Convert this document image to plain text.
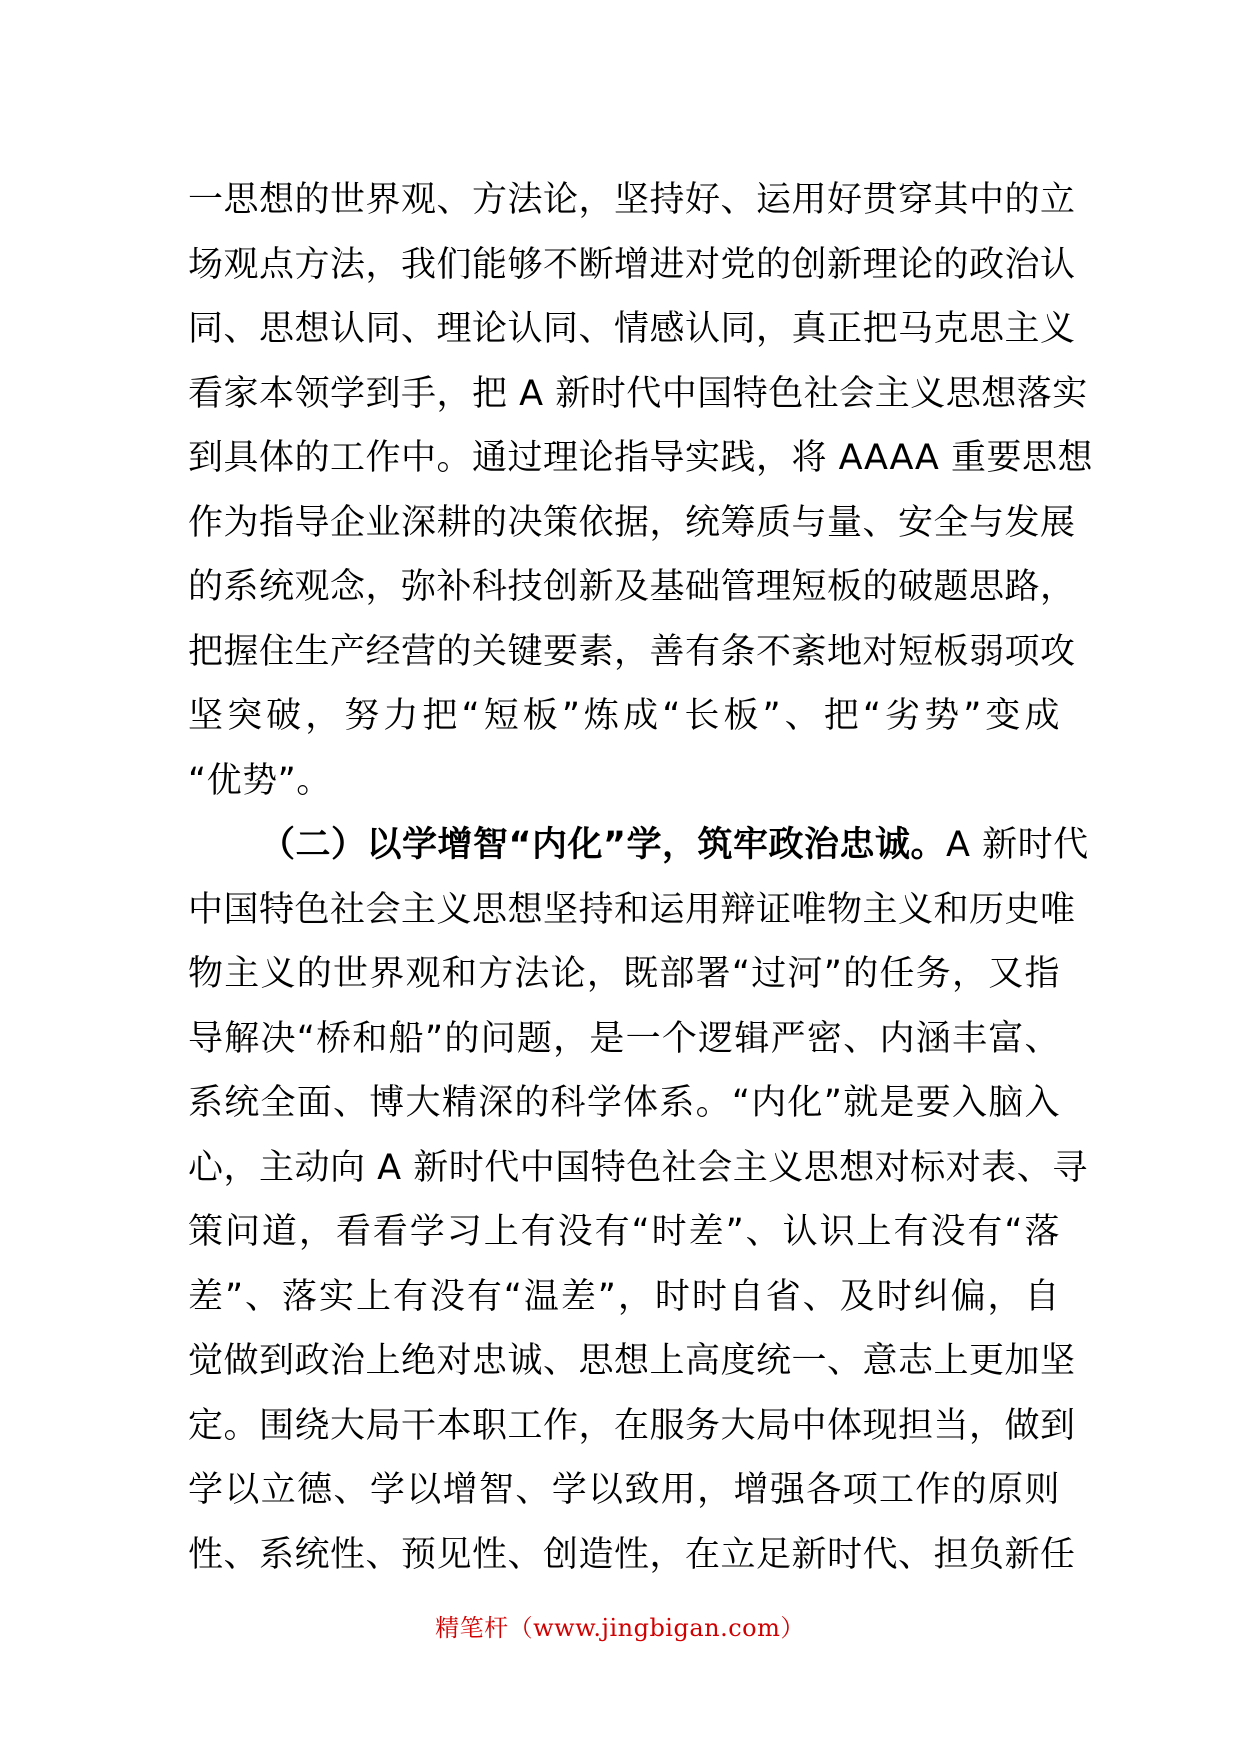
一思想的世界观、方法论，坚持好、运用好贯穿其中的立
场观点方法，我们能够不断增进对党的创新理论的政治认
同、思想认同、理论认同、情感认同，真正把马克思主义
看家本领学到手，把 A 新时代中国特色社会主义思想落实
到具体的工作中。通过理论指导实践，将 AAAA 重要思想
作为指导企业深耕的决策依据，统筹质与量、安全与发展
的系统观念，弥补科技创新及基础管理短板的破题思路，
把握住生产经营的关键要素，善有条不紊地对短板弱项攻
坚突破，努力把“短板”炼成“长板”、把“劣势”变成
“优势”。
（二）以学增智“内化”学，筑牢政治忠诚。A 新时代
中国特色社会主义思想坚持和运用辩证唯物主义和历史唯
物主义的世界观和方法论，既部署“过河”的任务，又指
导解决“桥和船”的问题，是一个逻辑严密、内涵丰富、
系统全面、博大精深的科学体系。“内化”就是要入脑入
心，主动向 A 新时代中国特色社会主义思想对标对表、寻
策问道，看看学习上有没有“时差”、认识上有没有“落
差”、落实上有没有“温差”，时时自省、及时纠偏，自
觉做到政治上绝对忠诚、思想上高度统一、意志上更加坚
定。围绕大局干本职工作，在服务大局中体现担当，做到
学以立德、学以增智、学以致用，增强各项工作的原则
性、系统性、预见性、创造性，在立足新时代、担负新任
精笔杆（www.jingbigan.com）
